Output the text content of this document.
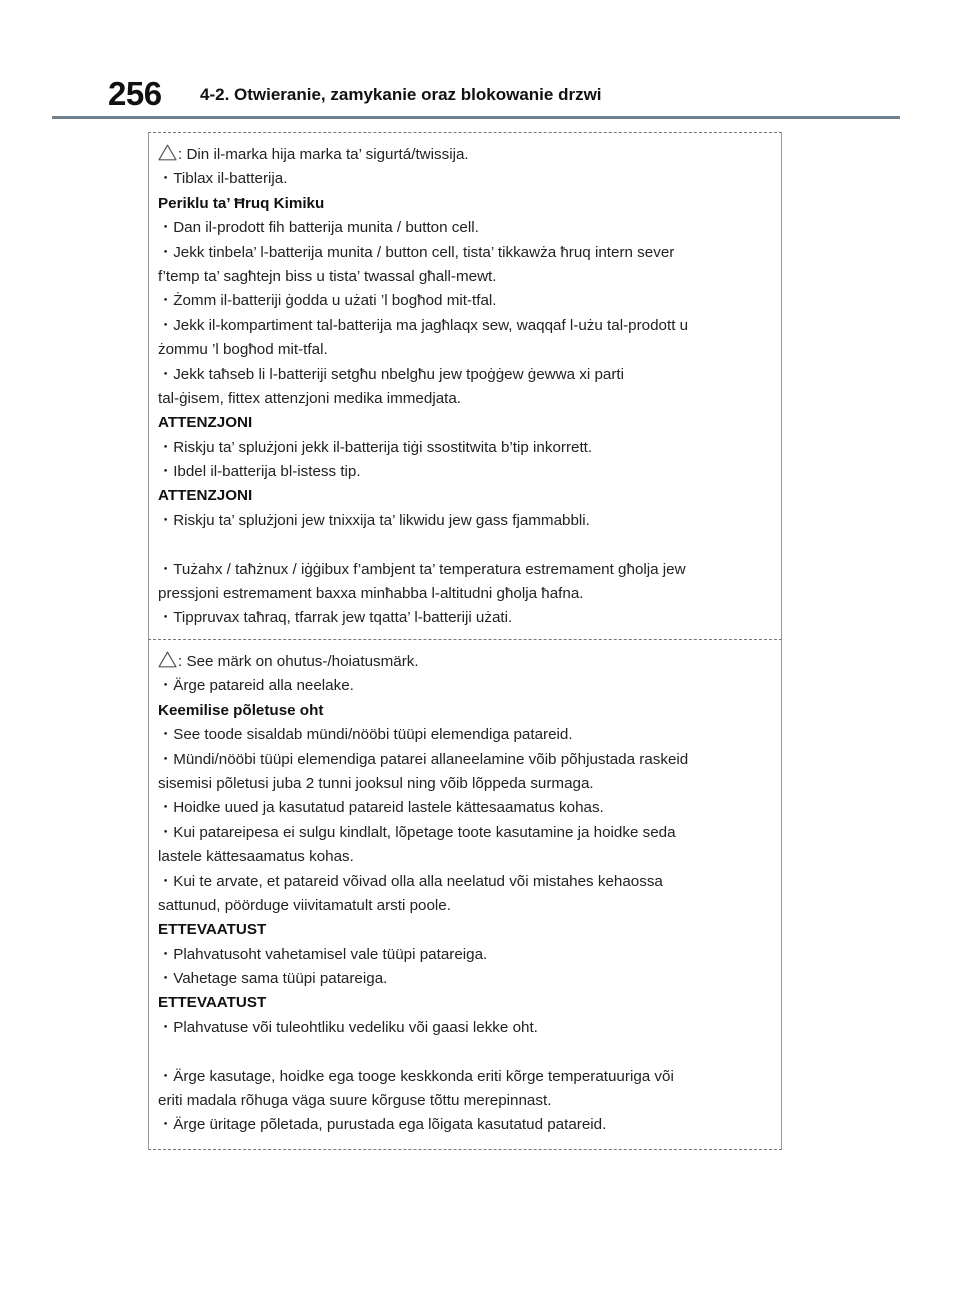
256 4-2. Otwieranie, zamykanie oraz blokowanie drzwi
: Din il-marka hija marka ta’ sigurtá/twissija.
・Tiblax il-batterija.
Periklu ta’ Ħruq Kimiku
・Dan il-prodott fih batterija munita / button cell.
・Jekk tinbela’ l-batterija munita / button cell, tista’ tikkawża ħruq intern sever
f’temp ta’ sagħtejn biss u tista’ twassal għall-mewt.
・Żomm il-batteriji ġodda u użati ’l bogħod mit-tfal.
・Jekk il-kompartiment tal-batterija ma jagħlaqx sew, waqqaf l-użu tal-prodott u
żommu ’l bogħod mit-tfal.
・Jekk taħseb li l-batteriji setgħu nbelgħu jew tpoġġew ġewwa xi parti
tal-ġisem, fittex attenzjoni medika immedjata.
ATTENZJONI
・Riskju ta’ splużjoni jekk il-batterija tiġi ssostitwita b’tip inkorrett.
・Ibdel il-batterija bl-istess tip.
ATTENZJONI
・Riskju ta’ splużjoni jew tnixxija ta’ likwidu jew gass fjammabbli.
・Tużahx / taħżnux / iġġibux f’ambjent ta’ temperatura estremament għolja jew
pressjoni estremament baxxa minħabba l-altitudni għolja ħafna.
・Tippruvax taħraq, tfarrak jew tqatta’ l-batteriji użati.
: See märk on ohutus-/hoiatusmärk.
・Ärge patareid alla neelake.
Keemilise põletuse oht
・See toode sisaldab mündi/nööbi tüüpi elemendiga patareid.
・Mündi/nööbi tüüpi elemendiga patarei allaneelamine võib põhjustada raskeid
sisemisi põletusi juba 2 tunni jooksul ning võib lõppeda surmaga.
・Hoidke uued ja kasutatud patareid lastele kättesaamatus kohas.
・Kui patareipesa ei sulgu kindlalt, lõpetage toote kasutamine ja hoidke seda
lastele kättesaamatus kohas.
・Kui te arvate, et patareid võivad olla alla neelatud või mistahes kehaossa
sattunud, pöörduge viivitamatult arsti poole.
ETTEVAATUST
・Plahvatusoht vahetamisel vale tüüpi patareiga.
・Vahetage sama tüüpi patareiga.
ETTEVAATUST
・Plahvatuse või tuleohtliku vedeliku või gaasi lekke oht.
・Ärge kasutage, hoidke ega tooge keskkonda eriti kõrge temperatuuriga või
eriti madala rõhuga väga suure kõrguse tõttu merepinnast.
・Ärge üritage põletada, purustada ega lõigata kasutatud patareid.
